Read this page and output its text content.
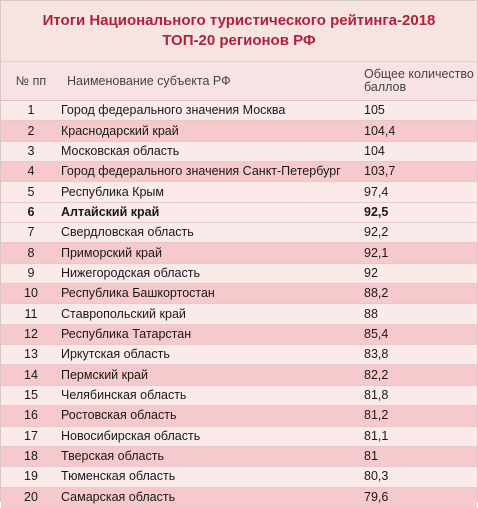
Итоги Национального туристического рейтинга-2018
ТОП-20 регионов РФ
№ пп	Наименование субъекта РФ	Общее количество баллов
1	Город федерального значения Москва	105
2	Краснодарский край	104,4
3	Московская область	104
4	Город федерального значения Санкт-Петербург	103,7
5	Республика Крым	97,4
6	Алтайский край	92,5
7	Свердловская область	92,2
8	Приморский край	92,1
9	Нижегородская область	92
10	Республика Башкортостан	88,2
11	Ставропольский край	88
12	Республика Татарстан	85,4
13	Иркутская область	83,8
14	Пермский край	82,2
15	Челябинская область	81,8
16	Ростовская область	81,2
17	Новосибирская область	81,1
18	Тверская область	81
19	Тюменская область	80,3
20	Самарская область	79,6
